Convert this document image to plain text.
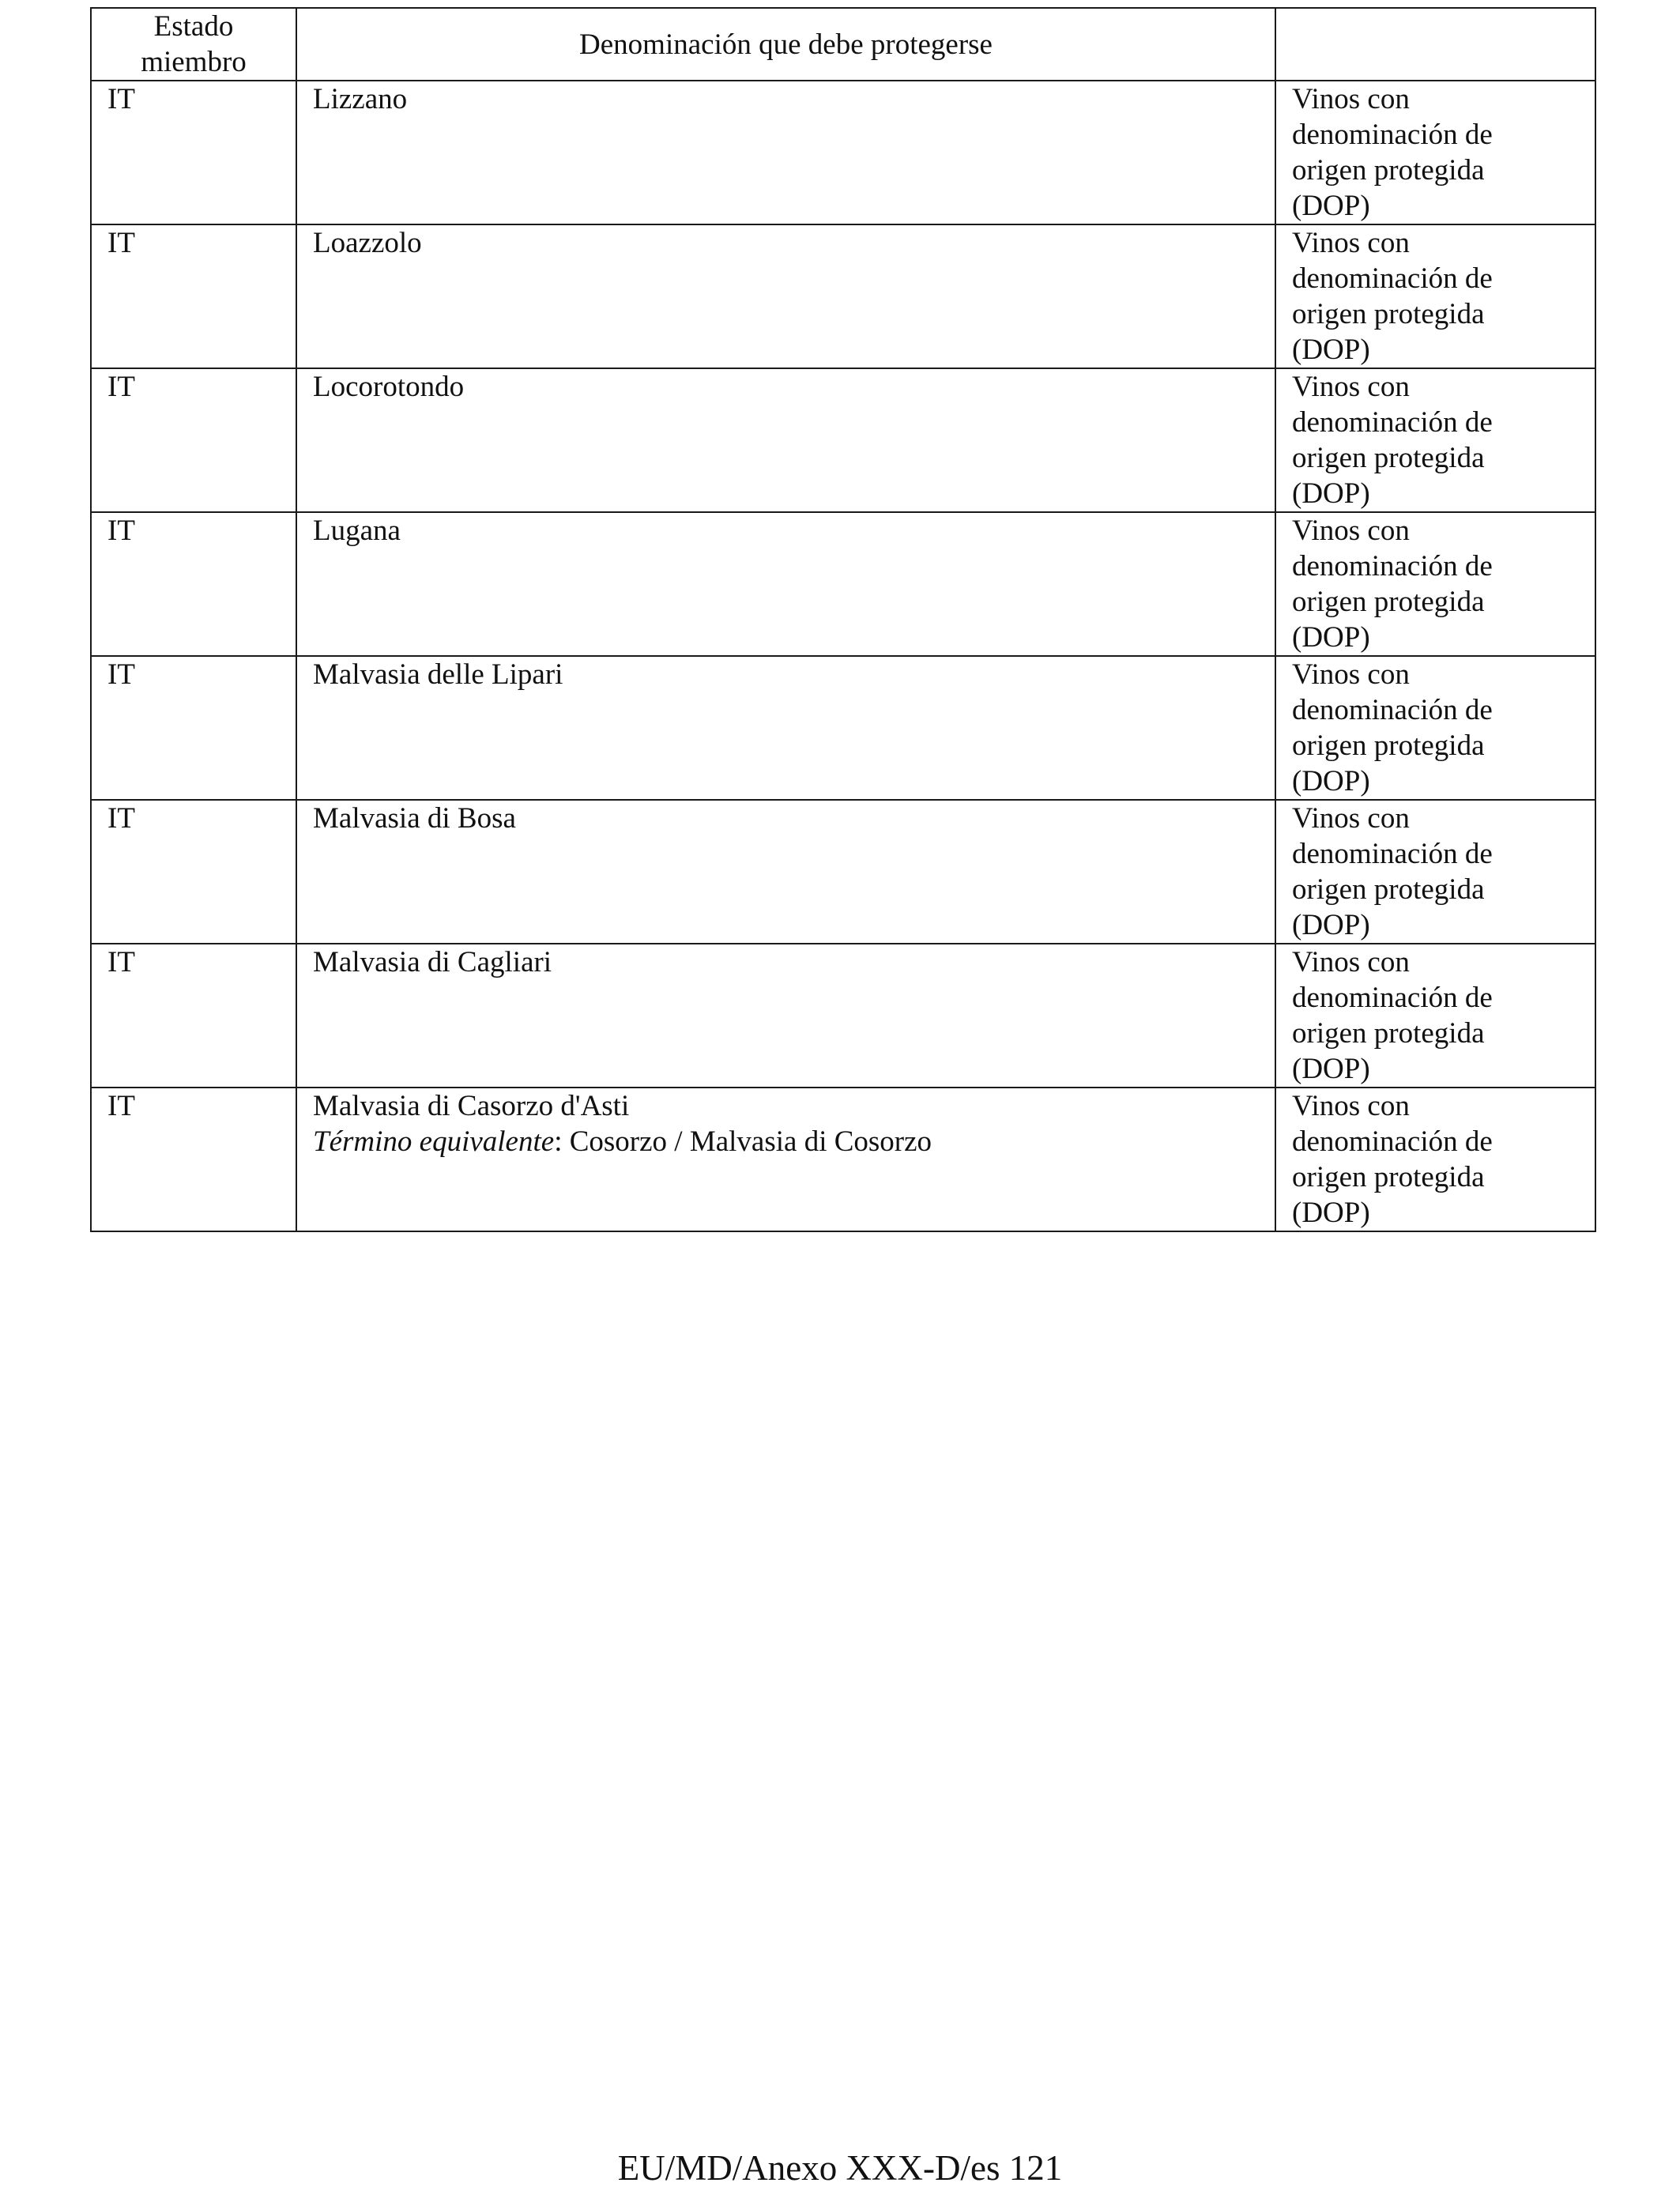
Estado miembro	Denominación que debe protegerse	
IT	Lizzano	Vinos con
denominación de
origen protegida
(DOP)

IT	Loazzolo	Vinos con
denominación de
origen protegida
(DOP)

IT	Locorotondo	Vinos con
denominación de
origen protegida
(DOP)

IT	Lugana	Vinos con
denominación de
origen protegida
(DOP)

IT	Malvasia delle Lipari	Vinos con
denominación de
origen protegida
(DOP)

IT	Malvasia di Bosa	Vinos con
denominación de
origen protegida
(DOP)

IT	Malvasia di Cagliari	Vinos con
denominación de
origen protegida
(DOP)

IT	Malvasia di Casorzo d'Asti
Término equivalente: Cosorzo / Malvasia di Cosorzo	Vinos con
denominación de
origen protegida
(DOP)
EU/MD/Anexo XXX-D/es 121
